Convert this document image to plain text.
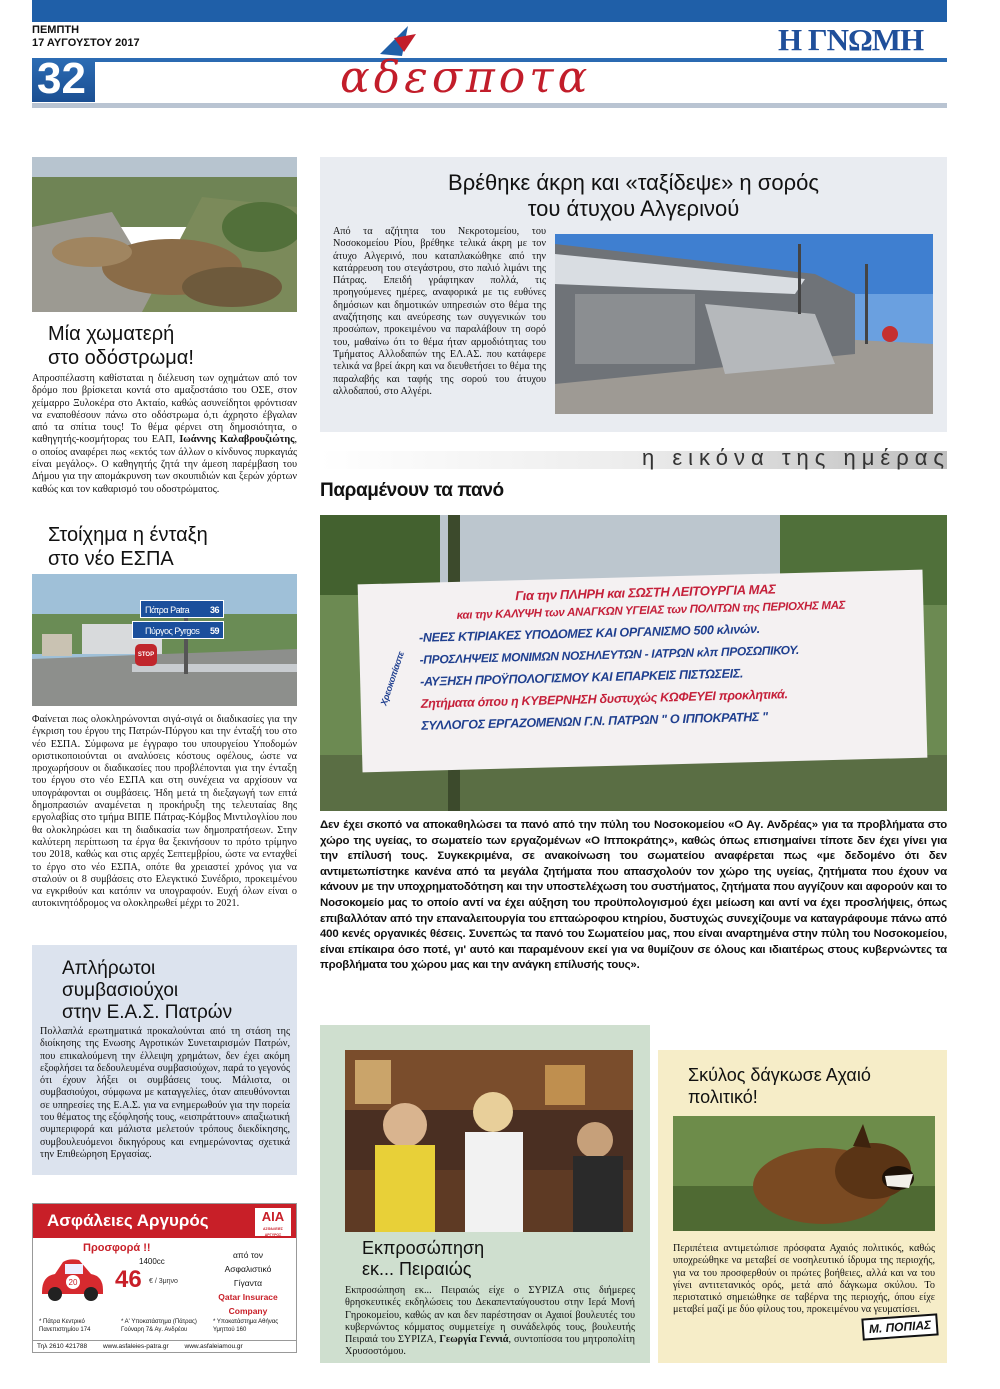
ΠΕΜΠΤΗ
17 ΑΥΓΟΥΣΤΟΥ 2017	Η ΓΝΩΜΗ
32	αδεσποτα
Μία χωματερή
στο οδόστρωμα!
Απροσπέλαστη καθίσταται η διέλευση των οχημάτων από τον δρόμο που βρίσκεται κοντά στο αμαξοστάσιο του ΟΣΕ, στον χείμαρρο Ξυλοκέρα στο Ακταίο, καθώς ασυνείδητοι φρόντισαν να εναποθέσουν πάνω στο οδόστρωμα ό,τι άχρηστο έβγαλαν από τα σπίτια τους! Το θέμα φέρνει στη δημοσιότητα, ο καθηγητής-κοσμήτορας του ΕΑΠ, Ιωάννης Καλαβρουζιώτης, ο οποίος αναφέρει πως «εκτός των άλλων ο κίνδυνος πυρκαγιάς είναι μεγάλος». Ο καθηγητής ζητά την άμεση παρέμβαση του Δήμου για την απομάκρυνση των σκουπιδιών και ξερών χόρτων καθώς και τον καθαρισμό του οδοστρώματος.
Στοίχημα η ένταξη
στο νέο ΕΣΠΑ
Πάτρα Patra 36
Πύργος Pyrgos 59
STOP
Φαίνεται πως ολοκληρώνονται σιγά-σιγά οι διαδικασίες για την έγκριση του έργου της Πατρών-Πύργου και την ένταξή του στο νέο ΕΣΠΑ. Σύμφωνα με έγγραφο του υπουργείου Υποδομών οριστικοποιούνται οι αναλύσεις κόστους οφέλους, ώστε να προχωρήσουν οι διαδικασίες που προβλέπονται για την ένταξη του έργου στο νέο ΕΣΠΑ και στη συνέχεια να αρχίσουν να υπογράφονται οι συμβάσεις. Ήδη μετά τη διεξαγωγή των επτά δημοπρασιών αναμένεται η προκήρυξη της τελευταίας 8ης εργολαβίας στο τμήμα ΒΙΠΕ Πάτρας-Κόμβος Μιντιλογλίου που θα ολοκληρώσει και τη διαδικασία των δημοπρατήσεων. Στην καλύτερη περίπτωση τα έργα θα ξεκινήσουν το πρότο τρίμηνο του 2018, καθώς και στις αρχές Σεπτεμβρίου, ώστε να ενταχθεί το έργο στο νέο ΕΣΠΑ, οπότε θα χρειαστεί χρόνος για να σταλούν οι 8 συμβάσεις στο Ελεγκτικό Συνέδριο, προκειμένου να εγκριθούν και κατόπιν να υπογραφούν. Ευχή όλων είναι ο αυτοκινητόδρομος να ολοκληρωθεί μέχρι το 2021.
Απλήρωτοι
συμβασιούχοι
στην Ε.Α.Σ. Πατρών
Πολλαπλά ερωτηματικά προκαλούνται από τη στάση της διοίκησης της Ενωσης Αγροτικών Συνεταιρισμών Πατρών, που επικαλούμενη την έλλειψη χρημάτων, δεν έχει ακόμη εξοφλήσει τα δεδουλευμένα συμβασιούχων, παρά το γεγονός ότι έχουν λήξει οι συμβάσεις τους. Μάλιστα, οι συμβασιούχοι, σύμφωνα με καταγγελίες, όταν απευθύνονται σε υπηρεσίες της Ε.Α.Σ. για να ενημερωθούν για την πορεία του θέματος της εξόφλησής τους, «εισπράττουν» απαξιωτική συμπεριφορά και μάλιστα μελετούν τρόπους διεκδίκησης, συμβουλευόμενοι δικηγόρους και ενημερώνοντας σχετικά την Επιθεώρηση Εργασίας.
Ασφάλειες Αργυρός	AIA
ΑΣΦΑΛΕΙΕΣ ΑΡΓΥΡΟΣ
Προσφορά !!
1400cc
20 46 € / 3μηνο
από τον
Ασφαλιστικό
Γίγαντα
Qatar Insurace Company
* Πάτρα Κεντρικό
Πανεπιστημίου 174
* Α' Υποκατάστημα (Πάτρας)
Γούναρη 7& Αγ. Ανδρέου
* Υποκατάστημα Αθήνας
Υμηττού 160
Τηλ 2610 421788 www.asfaleies-patra.gr www.asfaleiamou.gr
Βρέθηκε άκρη και «ταξίδεψε» η σορός
του άτυχου Αλγερινού
Από τα αζήτητα του Νεκροτομείου, του Νοσοκομείου Ρίου, βρέθηκε τελικά άκρη με τον άτυχο Αλγερινό, που καταπλακώθηκε από την κατάρρευση του στεγάστρου, στο παλιό λιμάνι της Πάτρας. Επειδή γράφτηκαν πολλά, τις προηγούμενες ημέρες, αναφορικά με τις ευθύνες δημόσιων και δημοτικών υπηρεσιών στο θέμα της αναζήτησης και ανεύρεσης των συγγενικών του προσώπων, προκειμένου να παραλάβουν τη σορό του, μαθαίνω ότι το θέμα ήταν αρμοδιότητας του Τμήματος Αλλοδαπών της ΕΛ.ΑΣ. που κατάφερε τελικά να βρεί άκρη και να διευθετήσει το θέμα της παραλαβής και ταφής της σορού του άτυχου αλλοδαπού, στο Αλγέρι.
η εικόνα της ημέρας
Παραμένουν τα πανό
Για την ΠΛΗΡΗ και ΣΩΣΤΗ ΛΕΙΤΟΥΡΓΙΑ ΜΑΣ
και την ΚΑΛΥΨΗ των ΑΝΑΓΚΩΝ ΥΓΕΙΑΣ των ΠΟΛΙΤΩΝ της ΠΕΡΙΟΧΗΣ ΜΑΣ
-ΝΕΕΣ ΚΤΙΡΙΑΚΕΣ ΥΠΟΔΟΜΕΣ ΚΑΙ ΟΡΓΑΝΙΣΜΟ 500 κλινών.
-ΠΡΟΣΛΗΨΕΙΣ ΜΟΝΙΜΩΝ ΝΟΣΗΛΕΥΤΩΝ - ΙΑΤΡΩΝ κλπ ΠΡΟΣΩΠΙΚΟΥ.
-ΑΥΞΗΣΗ ΠΡΟΫΠΟΛΟΓΙΣΜΟΥ ΚΑΙ ΕΠΑΡΚΕΙΣ ΠΙΣΤΩΣΕΙΣ.
Ζητήματα όπου η ΚΥΒΕΡΝΗΣΗ δυστυχώς ΚΩΦΕΥΕΙ προκλητικά.
ΣΥΛΛΟΓΟΣ ΕΡΓΑΖΟΜΕΝΩΝ Γ.Ν. ΠΑΤΡΩΝ " Ο ΙΠΠΟΚΡΑΤΗΣ "
Χρεοκοπίαστε
Δεν έχει σκοπό να αποκαθηλώσει τα πανό από την πύλη του Νοσοκομείου «Ο Αγ. Ανδρέας» για τα προβλήματα στο χώρο της υγείας, το σωματείο των εργαζομένων «Ο Ιπποκράτης», καθώς όπως επισημαίνει τίποτε δεν έχει γίνει για την επίλυσή τους. Συγκεκριμένα, σε ανακοίνωση του σωματείου αναφέρεται πως «με δεδομένο ότι δεν αντιμετωπίστηκε κανένα από τα μεγάλα ζητήματα που απασχολούν τον χώρο της υγείας, ζητήματα που έχουν να κάνουν με την υποχρηματοδότηση και την υποστελέχωση του συστήματος, ζητήματα που αγγίζουν και αφορούν και το Νοσοκομείο μας το οποίο αντί να έχει αύξηση του προϋπολογισμού έχει μείωση και αντί να έχει προσλήψεις, όπως επιβαλλόταν από την επαναλειτουργία του επταώροφου κτηρίου, δυστυχώς συνεχίζουμε να καταγράφουμε πάνω από 400 κενές οργανικές θέσεις. Συνεπώς τα πανό του Σωματείου μας, που είναι αναρτημένα στην πύλη του Νοσοκομείου, είναι επίκαιρα όσο ποτέ, γι' αυτό και παραμένουν εκεί για να θυμίζουν σε όλους και ιδιαιτέρως στους κυβερνώντες τα προβλήματα του χώρου μας και την ανάγκη επίλυσής τους».
Εκπροσώπηση
εκ... Πειραιώς
Εκπροσώπηση εκ... Πειραιώς είχε ο ΣΥΡΙΖΑ στις διήμερες θρησκευτικές εκδηλώσεις του Δεκαπενταύγουστου στην Ιερά Μονή Γηροκομείου, καθώς αν και δεν παρέστησαν οι Αχαιοί βουλευτές του κυβερνώντος κόμματος συμμετείχε η συνάδελφός τους, βουλευτής Πειραιά του ΣΥΡΙΖΑ, Γεωργία Γεννιά, συντοπίσσα του μητροπολίτη Χρυσοστόμου.
Σκύλος δάγκωσε Αχαιό
πολιτικό!
Περιπέτεια αντιμετώπισε πρόσφατα Αχαιός πολιτικός, καθώς υποχρεώθηκε να μεταβεί σε νοσηλευτικό ίδρυμα της περιοχής, για να του προσφερθούν οι πρώτες βοήθειες, αλλά και να του γίνει αντιτετανικός ορός, μετά από δάγκωμα σκύλου. Το περιστατικό σημειώθηκε σε ταβέρνα της περιοχής, όπου είχε μεταβεί μαζί με δύο φίλους του, προκειμένου να γευματίσει.
Μ. ΠΟΠΙΑΣ
